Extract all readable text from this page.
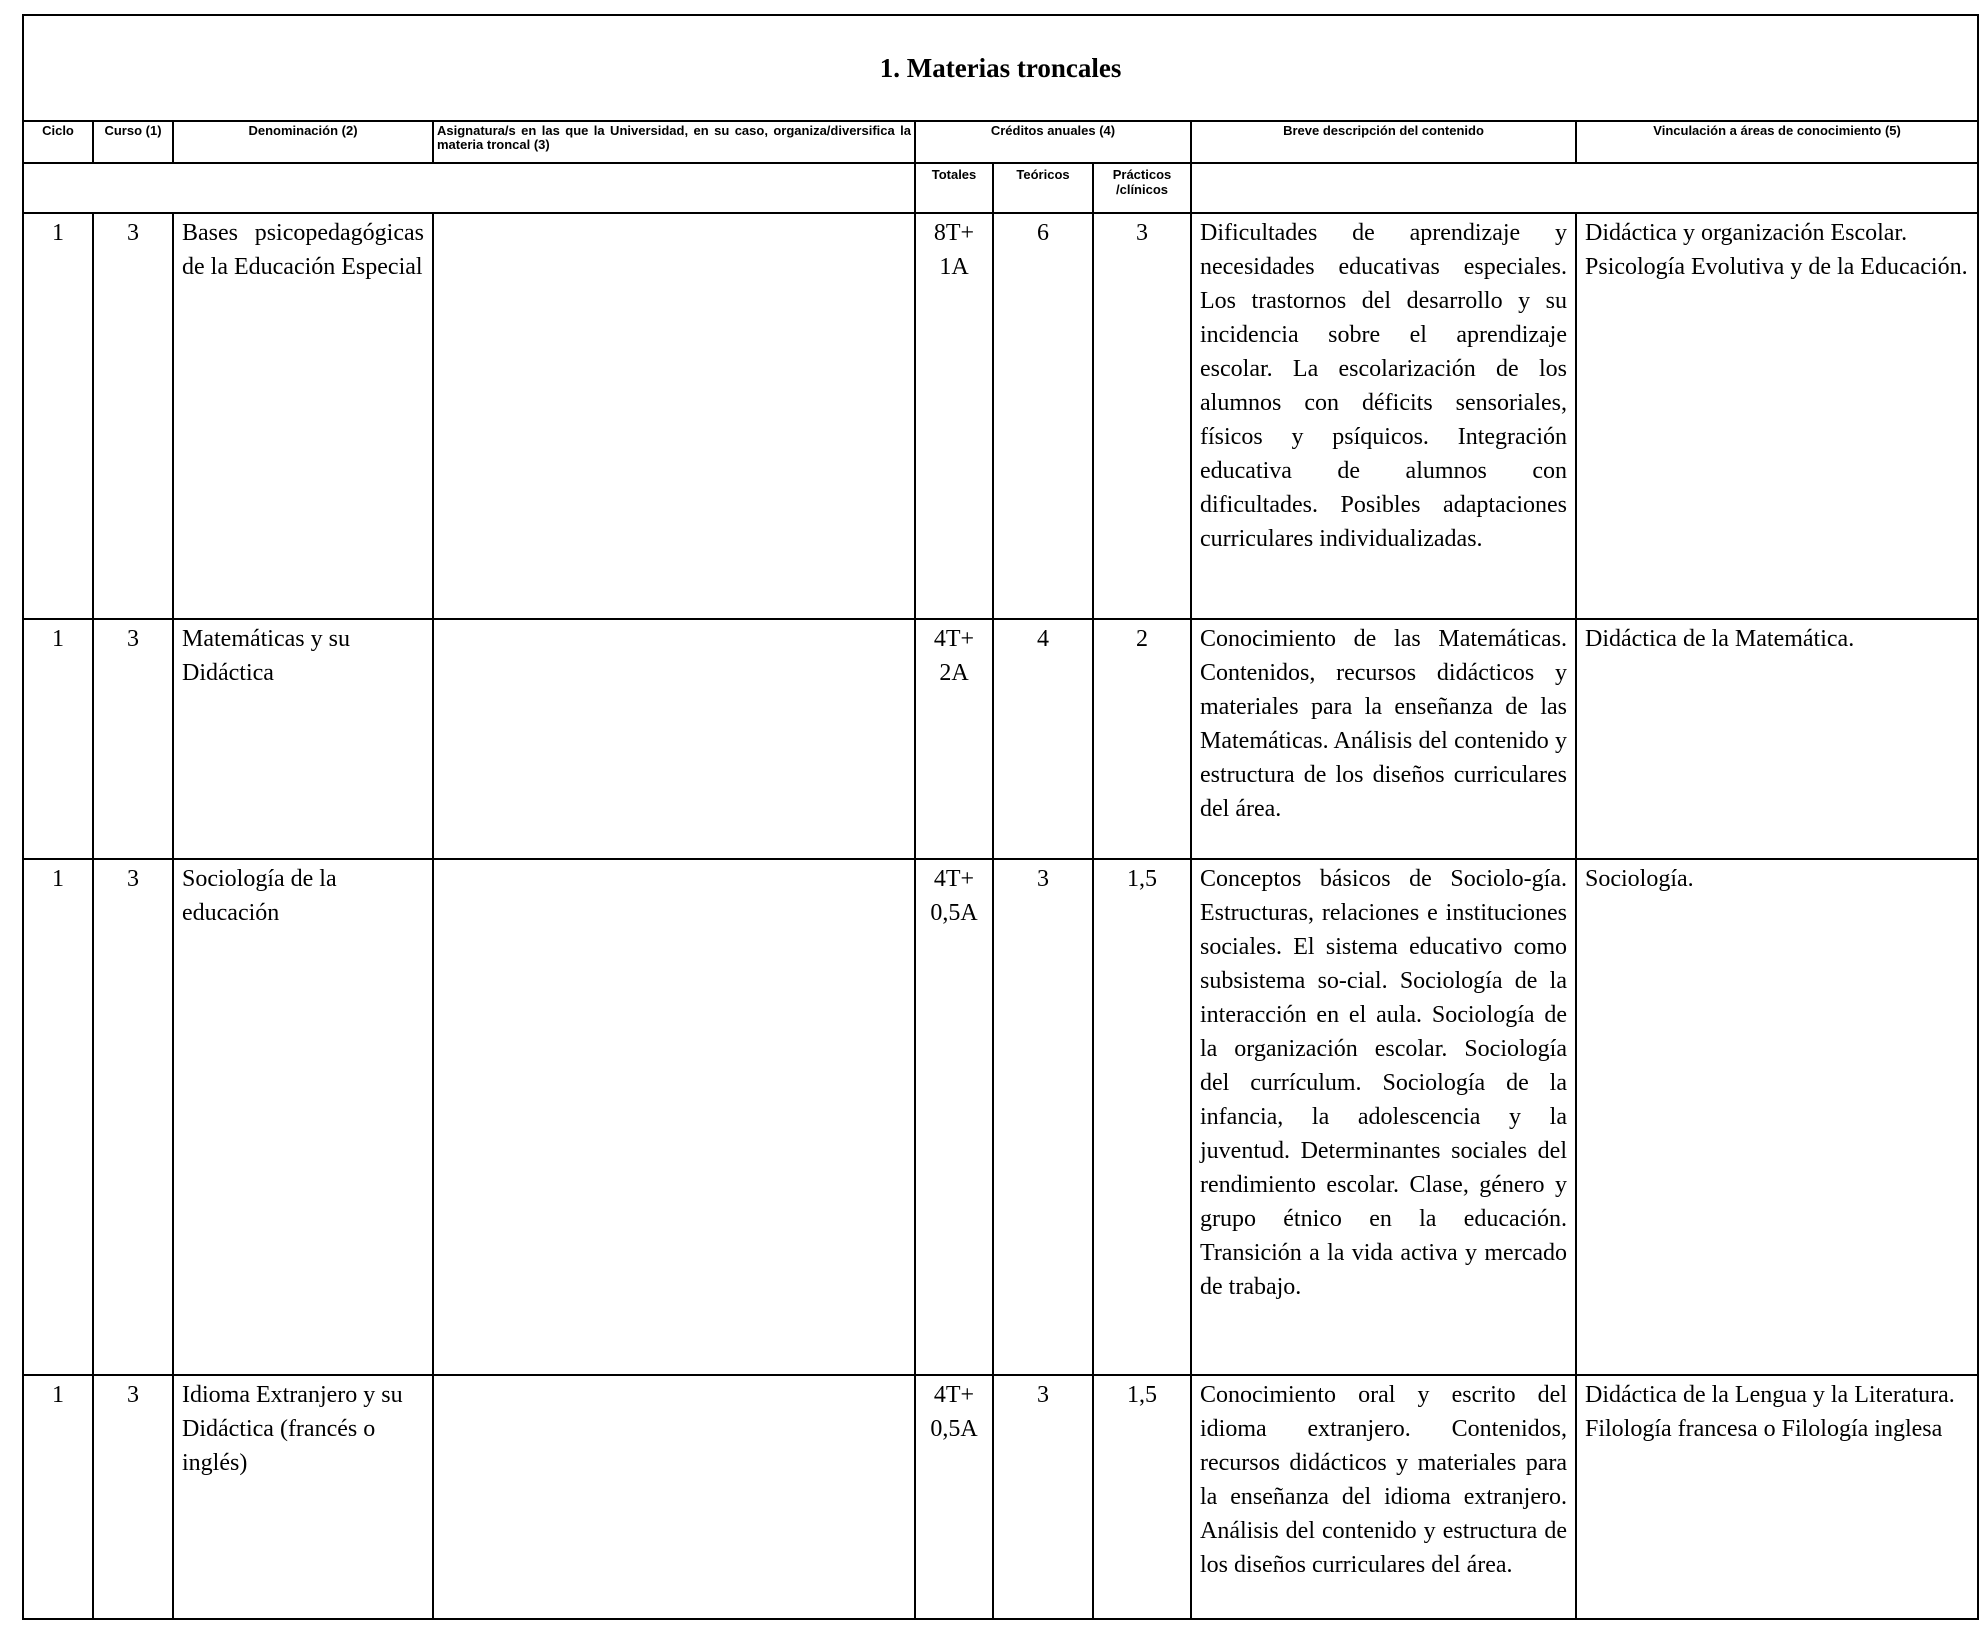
1. Materias troncales								
Ciclo	Curso (1)	Denominación (2)	Asignatura/s en las que la Universidad, en su caso, organiza/diversifica la materia troncal (3)	Créditos anuales (4)			Breve descripción del contenido	Vinculación a áreas de conocimiento (5)
				Totales	Teóricos	Prácticos /clínicos		
1	3	Bases psicopedagógicas de la Educación Especial		8T+ 1A	6	3	Dificultades de aprendizaje y necesidades educativas especiales. Los trastornos del desarrollo y su incidencia sobre el aprendizaje escolar. La escolarización de los alumnos con déficits sensoriales, físicos y psíquicos. Integración educativa de alumnos con dificultades. Posibles adaptaciones curriculares individualizadas.	Didáctica y organización Escolar. Psicología Evolutiva y de la Educación.
1	3	Matemáticas y su Didáctica		4T+ 2A	4	2	Conocimiento de las Matemáticas. Contenidos, recursos didácticos y materiales para la enseñanza de las Matemáticas. Análisis del contenido y estructura de los diseños curriculares del área.	Didáctica de la Matemática.
1	3	Sociología de la educación		4T+ 0,5A	3	1,5	Conceptos básicos de Sociolo-gía. Estructuras, relaciones e instituciones sociales. El sistema educativo como subsistema so-cial. Sociología de la interacción en el aula. Sociología de la organización escolar. Sociología del currículum. Sociología de la infancia, la adolescencia y la juventud. Determinantes sociales del rendimiento escolar. Clase, género y grupo étnico en la educación. Transición a la vida activa y mercado de trabajo.	Sociología.
1	3	Idioma Extranjero y su Didáctica (francés o inglés)		4T+ 0,5A	3	1,5	Conocimiento oral y escrito del idioma extranjero. Contenidos, recursos didácticos y materiales para la enseñanza del idioma extranjero. Análisis del contenido y estructura de los diseños curriculares del área.	Didáctica de la Lengua y la Literatura. Filología francesa o Filología inglesa
